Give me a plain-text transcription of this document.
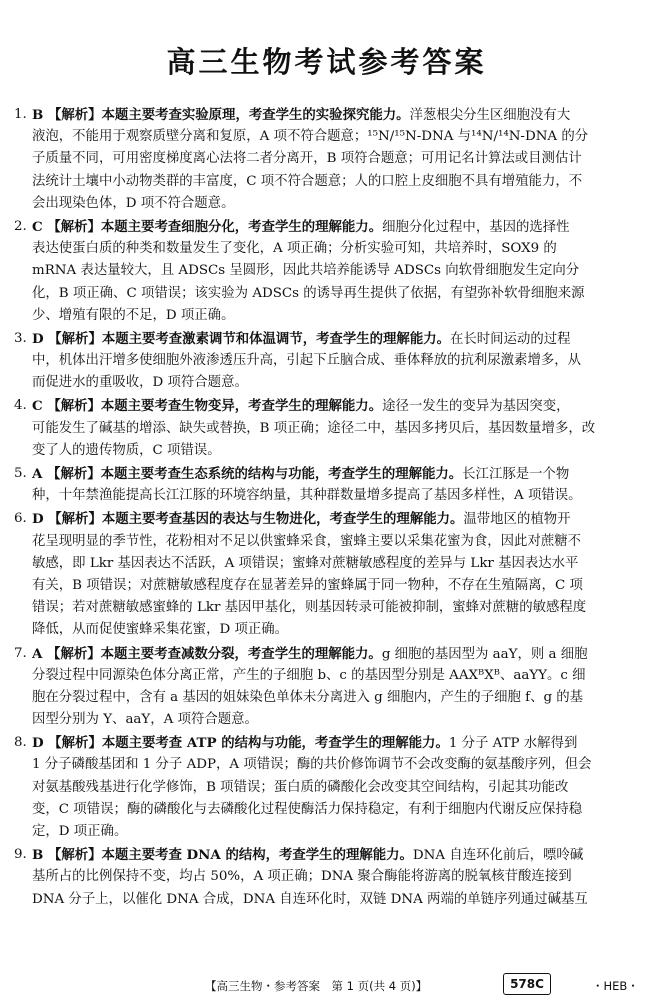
高三生物考试参考答案
1. B 【解析】本题主要考查实验原理，考查学生的实验探究能力。洋葱根尖分生区细胞没有大
液泡，不能用于观察质壁分离和复原，A 项不符合题意；¹⁵N/¹⁵N-DNA 与¹⁴N/¹⁴N-DNA 的分
子质量不同，可用密度梯度离心法将二者分离开，B 项符合题意；可用记名计算法或目测估计
法统计土壤中小动物类群的丰富度，C 项不符合题意；人的口腔上皮细胞不具有增殖能力，不
会出现染色体，D 项不符合题意。
2. C 【解析】本题主要考查细胞分化，考查学生的理解能力。细胞分化过程中，基因的选择性
表达使蛋白质的种类和数量发生了变化，A 项正确；分析实验可知，共培养时，SOX9 的
mRNA 表达量较大，且 ADSCs 呈圆形，因此共培养能诱导 ADSCs 向软骨细胞发生定向分
化，B 项正确、C 项错误；该实验为 ADSCs 的诱导再生提供了依据，有望弥补软骨细胞来源
少、增殖有限的不足，D 项正确。
3. D 【解析】本题主要考查激素调节和体温调节，考查学生的理解能力。在长时间运动的过程
中，机体出汗增多使细胞外液渗透压升高，引起下丘脑合成、垂体释放的抗利尿激素增多，从
而促进水的重吸收，D 项符合题意。
4. C 【解析】本题主要考查生物变异，考查学生的理解能力。途径一发生的变异为基因突变，
可能发生了碱基的增添、缺失或替换，B 项正确；途径二中，基因多拷贝后，基因数量增多，改
变了人的遗传物质，C 项错误。
5. A 【解析】本题主要考查生态系统的结构与功能，考查学生的理解能力。长江江豚是一个物
种，十年禁渔能提高长江江豚的环境容纳量，其种群数量增多提高了基因多样性，A 项错误。
6. D 【解析】本题主要考查基因的表达与生物进化，考查学生的理解能力。温带地区的植物开
花呈现明显的季节性，花粉相对不足以供蜜蜂采食，蜜蜂主要以采集花蜜为食，因此对蔗糖不
敏感，即 Lkr 基因表达不活跃，A 项错误；蜜蜂对蔗糖敏感程度的差异与 Lkr 基因表达水平
有关，B 项错误；对蔗糖敏感程度存在显著差异的蜜蜂属于同一物种，不存在生殖隔离，C 项
错误；若对蔗糖敏感蜜蜂的 Lkr 基因甲基化，则基因转录可能被抑制，蜜蜂对蔗糖的敏感程度
降低，从而促使蜜蜂采集花蜜，D 项正确。
7. A 【解析】本题主要考查减数分裂，考查学生的理解能力。g 细胞的基因型为 aaY，则 a 细胞
分裂过程中同源染色体分离正常，产生的子细胞 b、c 的基因型分别是 AAXᴮXᴮ、aaYY。c 细
胞在分裂过程中，含有 a 基因的姐妹染色单体未分离进入 g 细胞内，产生的子细胞 f、g 的基
因型分别为 Y、aaY，A 项符合题意。
8. D 【解析】本题主要考查 ATP 的结构与功能，考查学生的理解能力。1 分子 ATP 水解得到
1 分子磷酸基团和 1 分子 ADP，A 项错误；酶的共价修饰调节不会改变酶的氨基酸序列，但会
对氨基酸残基进行化学修饰，B 项错误；蛋白质的磷酸化会改变其空间结构，引起其功能改
变，C 项错误；酶的磷酸化与去磷酸化过程使酶活力保持稳定，有利于细胞内代谢反应保持稳
定，D 项正确。
9. B 【解析】本题主要考查 DNA 的结构，考查学生的理解能力。DNA 自连环化前后，嘌呤碱
基所占的比例保持不变，均占 50%，A 项正确；DNA 聚合酶能将游离的脱氧核苷酸连接到
DNA 分子上，以催化 DNA 合成，DNA 自连环化时，双链 DNA 两端的单链序列通过碱基互
【高三生物・参考答案　第 1 页(共 4 页)】	578C	・HEB・
